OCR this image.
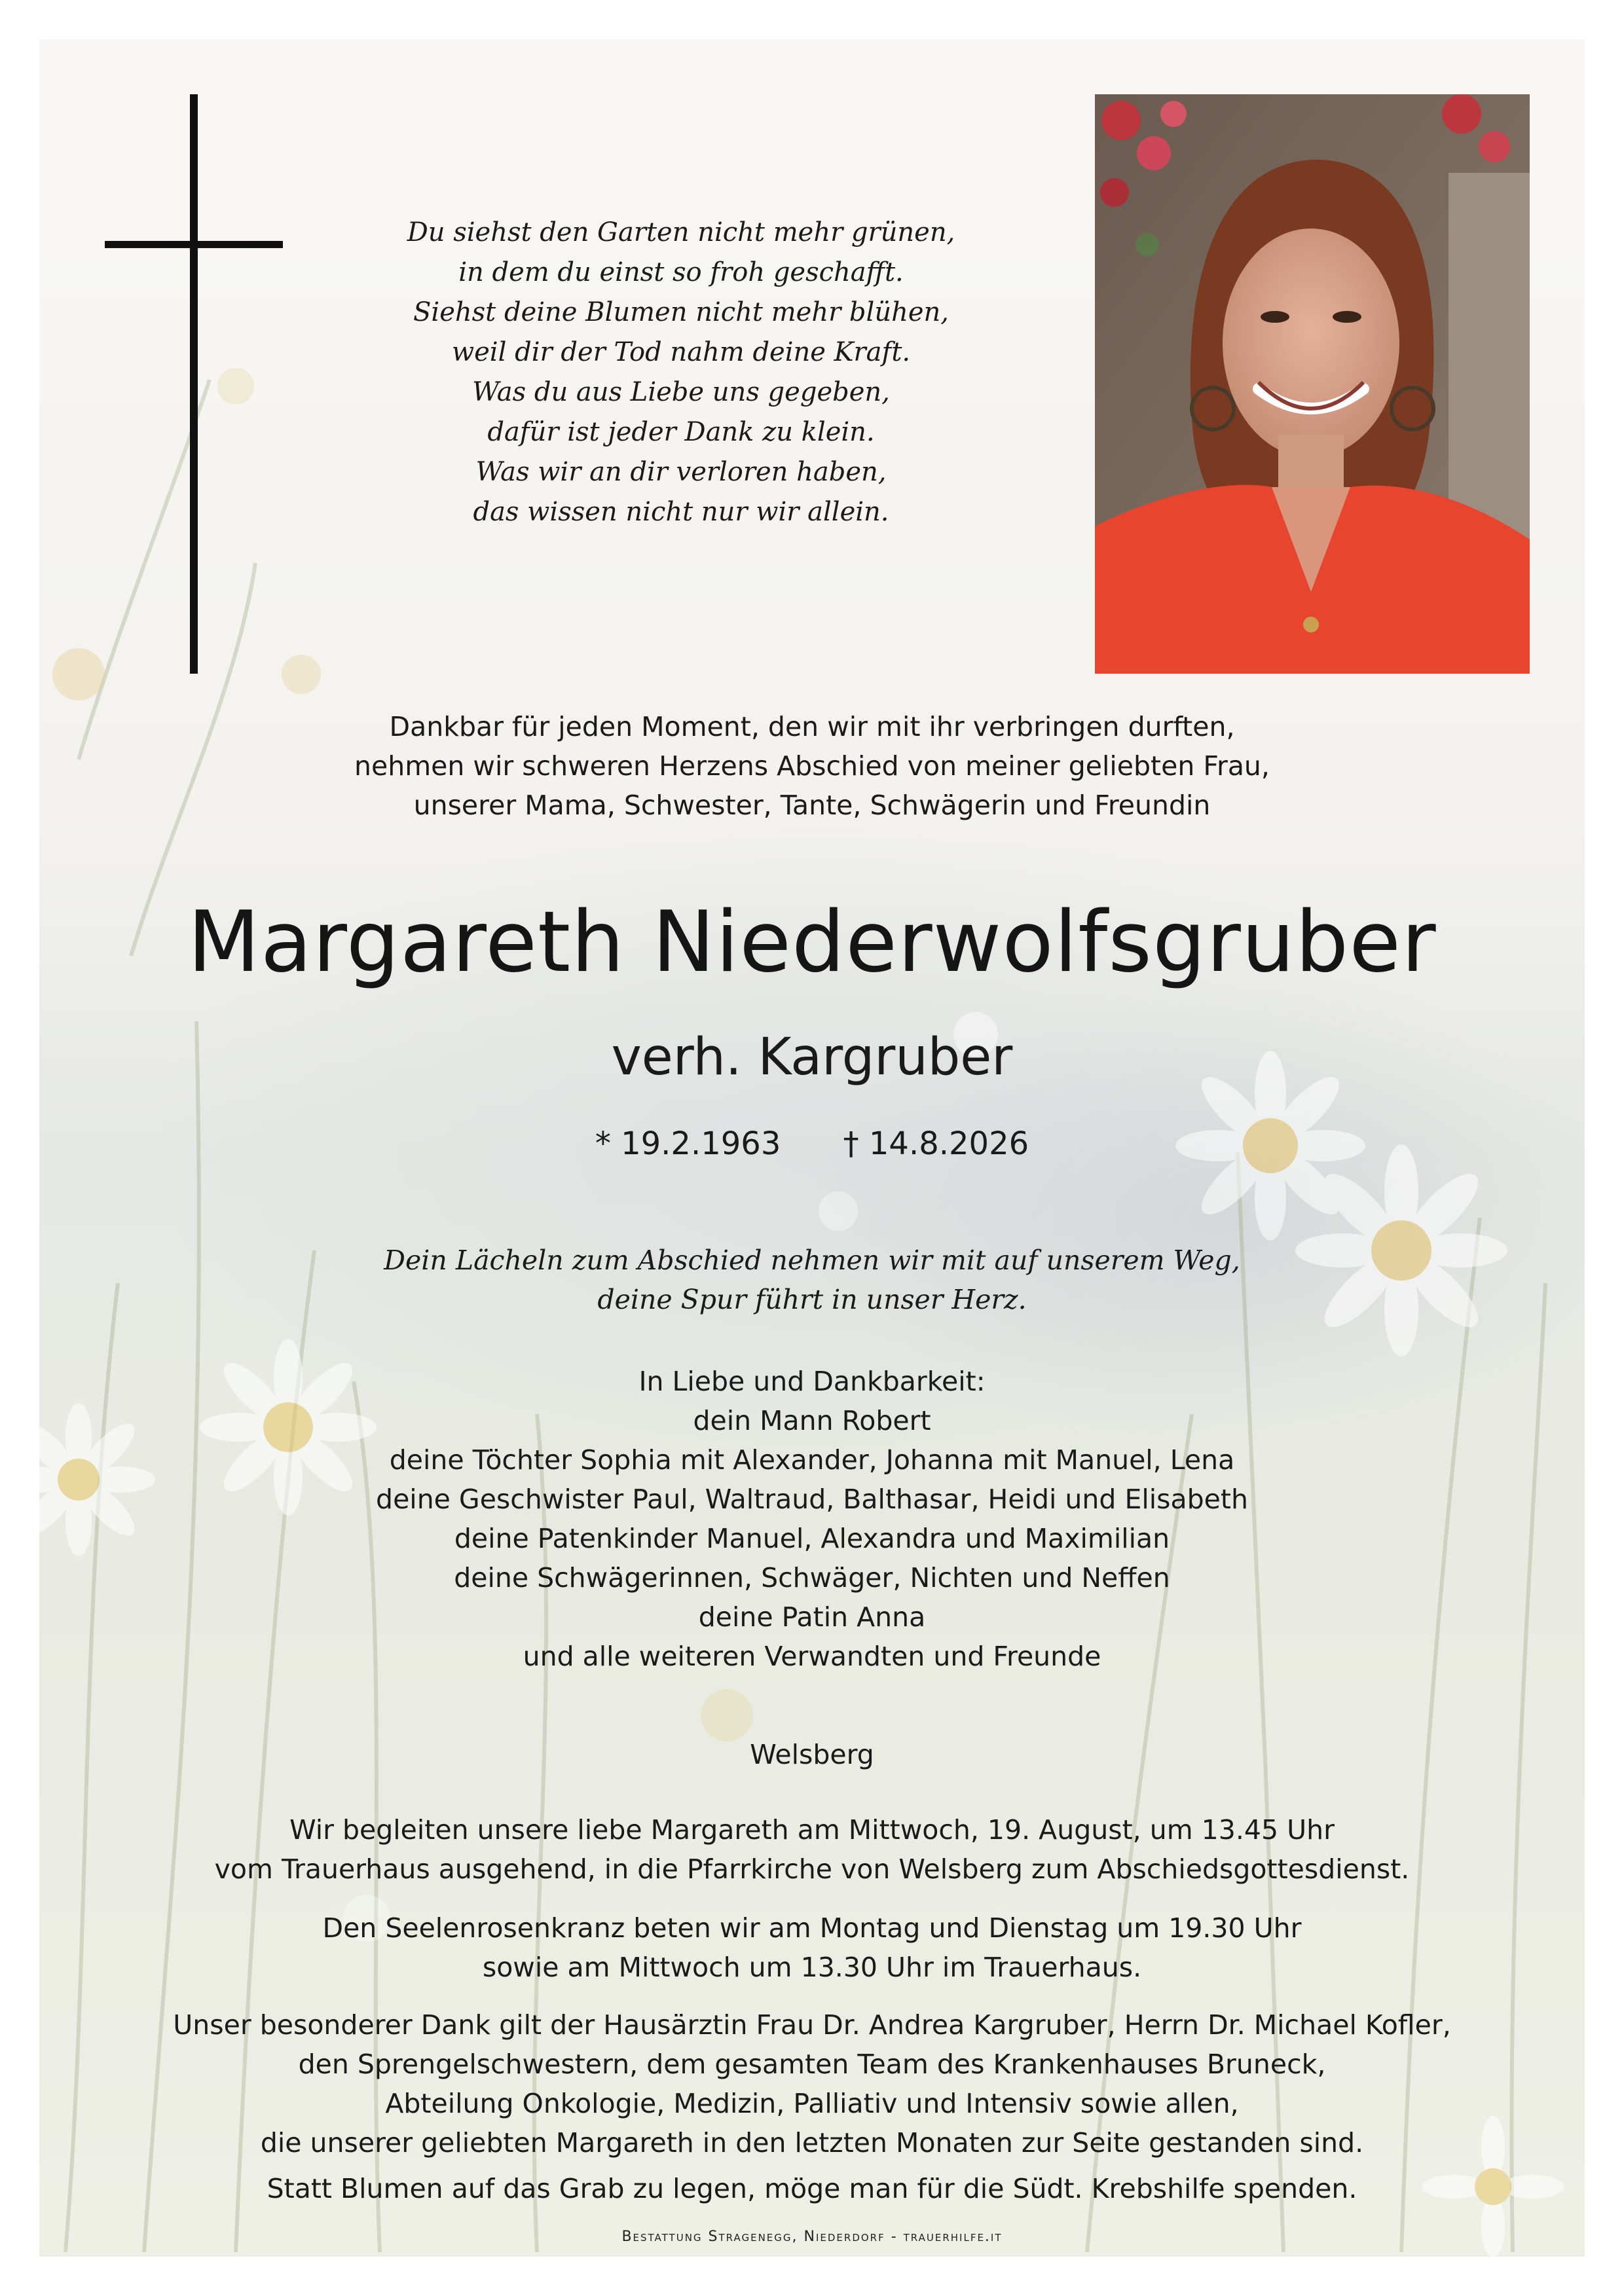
Du siehst den Garten nicht mehr grünen,
in dem du einst so froh geschafft.
Siehst deine Blumen nicht mehr blühen,
weil dir der Tod nahm deine Kraft.
Was du aus Liebe uns gegeben,
dafür ist jeder Dank zu klein.
Was wir an dir verloren haben,
das wissen nicht nur wir allein.
Dankbar für jeden Moment, den wir mit ihr verbringen durften,
nehmen wir schweren Herzens Abschied von meiner geliebten Frau,
unserer Mama, Schwester, Tante, Schwägerin und Freundin
Margareth Niederwolfsgruber
verh. Kargruber
* 19.2.1963 † 14.8.2026
Dein Lächeln zum Abschied nehmen wir mit auf unserem Weg,
deine Spur führt in unser Herz.
In Liebe und Dankbarkeit:
dein Mann Robert
deine Töchter Sophia mit Alexander, Johanna mit Manuel, Lena
deine Geschwister Paul, Waltraud, Balthasar, Heidi und Elisabeth
deine Patenkinder Manuel, Alexandra und Maximilian
deine Schwägerinnen, Schwäger, Nichten und Neffen
deine Patin Anna
und alle weiteren Verwandten und Freunde
Welsberg
Wir begleiten unsere liebe Margareth am Mittwoch, 19. August, um 13.45 Uhr
vom Trauerhaus ausgehend, in die Pfarrkirche von Welsberg zum Abschiedsgottesdienst.
Den Seelenrosenkranz beten wir am Montag und Dienstag um 19.30 Uhr
sowie am Mittwoch um 13.30 Uhr im Trauerhaus.
Unser besonderer Dank gilt der Hausärztin Frau Dr. Andrea Kargruber, Herrn Dr. Michael Kofler,
den Sprengelschwestern, dem gesamten Team des Krankenhauses Bruneck,
Abteilung Onkologie, Medizin, Palliativ und Intensiv sowie allen,
die unserer geliebten Margareth in den letzten Monaten zur Seite gestanden sind.
Statt Blumen auf das Grab zu legen, möge man für die Südt. Krebshilfe spenden.
Bestattung Stragenegg, Niederdorf - trauerhilfe.it
